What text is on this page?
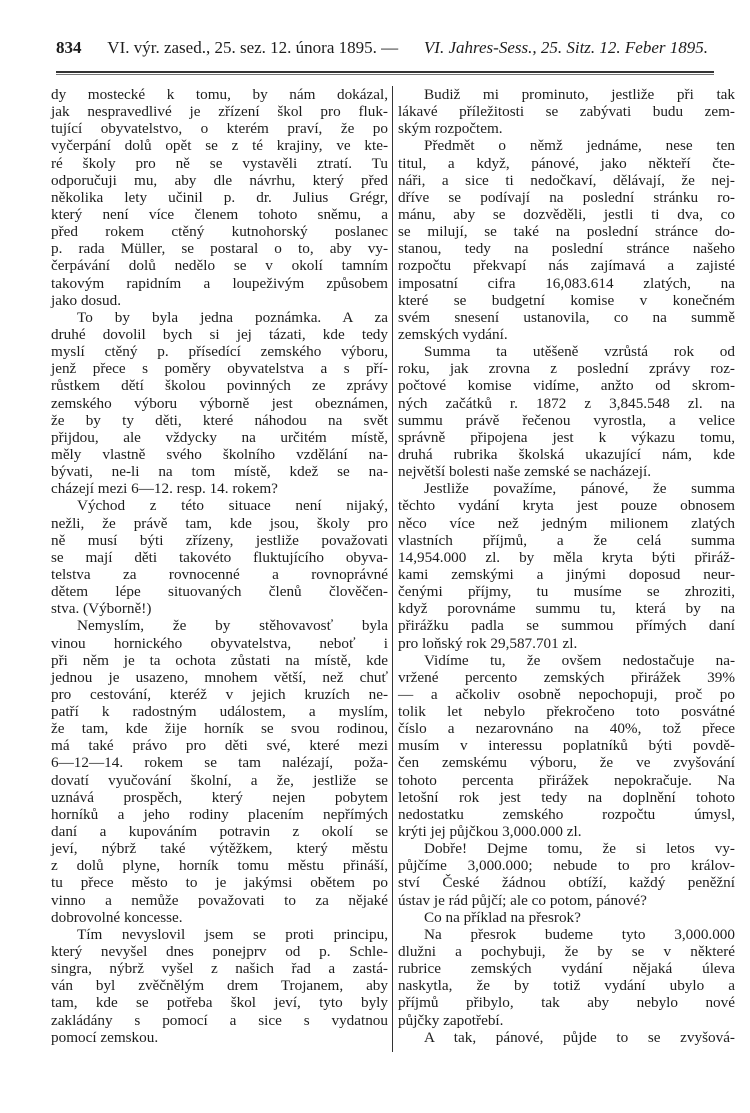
834 VI. výr. zased., 25. sez. 12. února 1895. — VI. Jahres-Sess., 25. Sitz. 12. Feber 1895.
dy mostecké k tomu, by nám dokázal,
jak nespravedlivé je zřízení škol pro fluk-
tující obyvatelstvo, o kterém praví, že po
vyčerpání dolů opět se z té krajiny, ve kte-
ré školy pro ně se vystavěli ztratí. Tu
odporučuji mu, aby dle návrhu, který před
několika lety učinil p. dr. Julius Grégr,
který není více členem tohoto sněmu, a
před rokem ctěný kutnohorský poslanec
p. rada Müller, se postaral o to, aby vy-
čerpávání dolů nedělo se v okolí tamním
takovým rapidním a loupeživým způsobem
jako dosud.
To by byla jedna poznámka. A za
druhé dovolil bych si jej tázati, kde tedy
myslí ctěný p. přísedící zemského výboru,
jenž přece s poměry obyvatelstva a s pří-
růstkem dětí školou povinných ze zprávy
zemského výboru výborně jest obeznámen,
že by ty děti, které náhodou na svět
přijdou, ale vždycky na určitém místě,
měly vlastně svého školního vzdělání na-
bývati, ne-li na tom místě, kdež se na-
cházejí mezi 6—12. resp. 14. rokem?
Východ z této situace není nijaký,
nežli, že právě tam, kde jsou, školy pro
ně musí býti zřízeny, jestliže považovati
se mají děti takovéto fluktujícího obyva-
telstva za rovnocenné a rovnoprávné
dětem lépe situovaných členů člověčen-
stva. (Výborně!)
Nemyslím, že by stěhovavosť byla
vinou hornického obyvatelstva, neboť i
při něm je ta ochota zůstati na místě, kde
jednou je usazeno, mnohem větší, než chuť
pro cestování, kteréž v jejich kruzích ne-
patří k radostným událostem, a myslím,
že tam, kde žije horník se svou rodinou,
má také právo pro děti své, které mezi
6—12—14. rokem se tam nalézají, poža-
dovatí vyučování školní, a že, jestliže se
uznává prospěch, který nejen pobytem
horníků a jeho rodiny placením nepřímých
daní a kupováním potravin z okolí se
jeví, nýbrž také výtěžkem, který městu
z dolů plyne, horník tomu městu přináší,
tu přece město to je jakýmsi obětem po
vinno a nemůže považovati to za nějaké
dobrovolné koncesse.
Tím nevyslovil jsem se proti principu,
který nevyšel dnes ponejprv od p. Schle-
singra, nýbrž vyšel z našich řad a zastá-
ván byl zvěčnělým drem Trojanem, aby
tam, kde se potřeba škol jeví, tyto byly
zakládány s pomocí a sice s vydatnou
pomocí zemskou.
Budiž mi prominuto, jestliže při tak
lákavé příležitosti se zabývati budu zem-
ským rozpočtem.
Předmět o němž jednáme, nese ten
titul, a když, pánové, jako někteří čte-
náři, a sice ti nedočkaví, dělávají, že nej-
dříve se podívají na poslední stránku ro-
mánu, aby se dozvěděli, jestli ti dva, co
se milují, se také na poslední stránce do-
stanou, tedy na poslední stránce našeho
rozpočtu překvapí nás zajímavá a zajisté
imposatní cifra 16,083.614 zlatých, na
které se budgetní komise v konečném
svém snesení ustanovila, co na summě
zemských vydání.
Summa ta utěšeně vzrůstá rok od
roku, jak zrovna z poslední zprávy roz-
počtové komise vidíme, anžto od skrom-
ných začátků r. 1872 z 3,845.548 zl. na
summu právě řečenou vyrostla, a velice
správně připojena jest k výkazu tomu,
druhá rubrika školská ukazující nám, kde
největší bolesti naše zemské se nacházejí.
Jestliže považíme, pánové, že summa
těchto vydání kryta jest pouze obnosem
něco více než jedným milionem zlatých
vlastních příjmů, a že celá summa
14,954.000 zl. by měla kryta býti přiráž-
kami zemskými a jinými doposud neur-
čenými příjmy, tu musíme se zhroziti,
když porovnáme summu tu, která by na
přirážku padla se summou přímých daní
pro loňský rok 29,587.701 zl.
Vidíme tu, že ovšem nedostačuje na-
vržené percento zemských přirážek 39%
— a ačkoliv osobně nepochopuji, proč po
tolik let nebylo překročeno toto posvátné
číslo a nezarovnáno na 40%, tož přece
musím v interessu poplatníků býti povdě-
čen zemskému výboru, že ve zvyšování
tohoto percenta přirážek nepokračuje. Na
letošní rok jest tedy na doplnění tohoto
nedostatku zemského rozpočtu úmysl,
krýti jej půjčkou 3,000.000 zl.
Dobře! Dejme tomu, že si letos vy-
půjčíme 3,000.000; nebude to pro králov-
ství České žádnou obtíží, každý peněžní
ústav je rád půjčí; ale co potom, pánové?
Co na příklad na přesrok?
Na přesrok budeme tyto 3,000.000
dlužni a pochybuji, že by se v některé
rubrice zemských vydání nějaká úleva
naskytla, že by totiž vydání ubylo a
příjmů přibylo, tak aby nebylo nové
půjčky zapotřebí.
A tak, pánové, půjde to se zvyšová-
